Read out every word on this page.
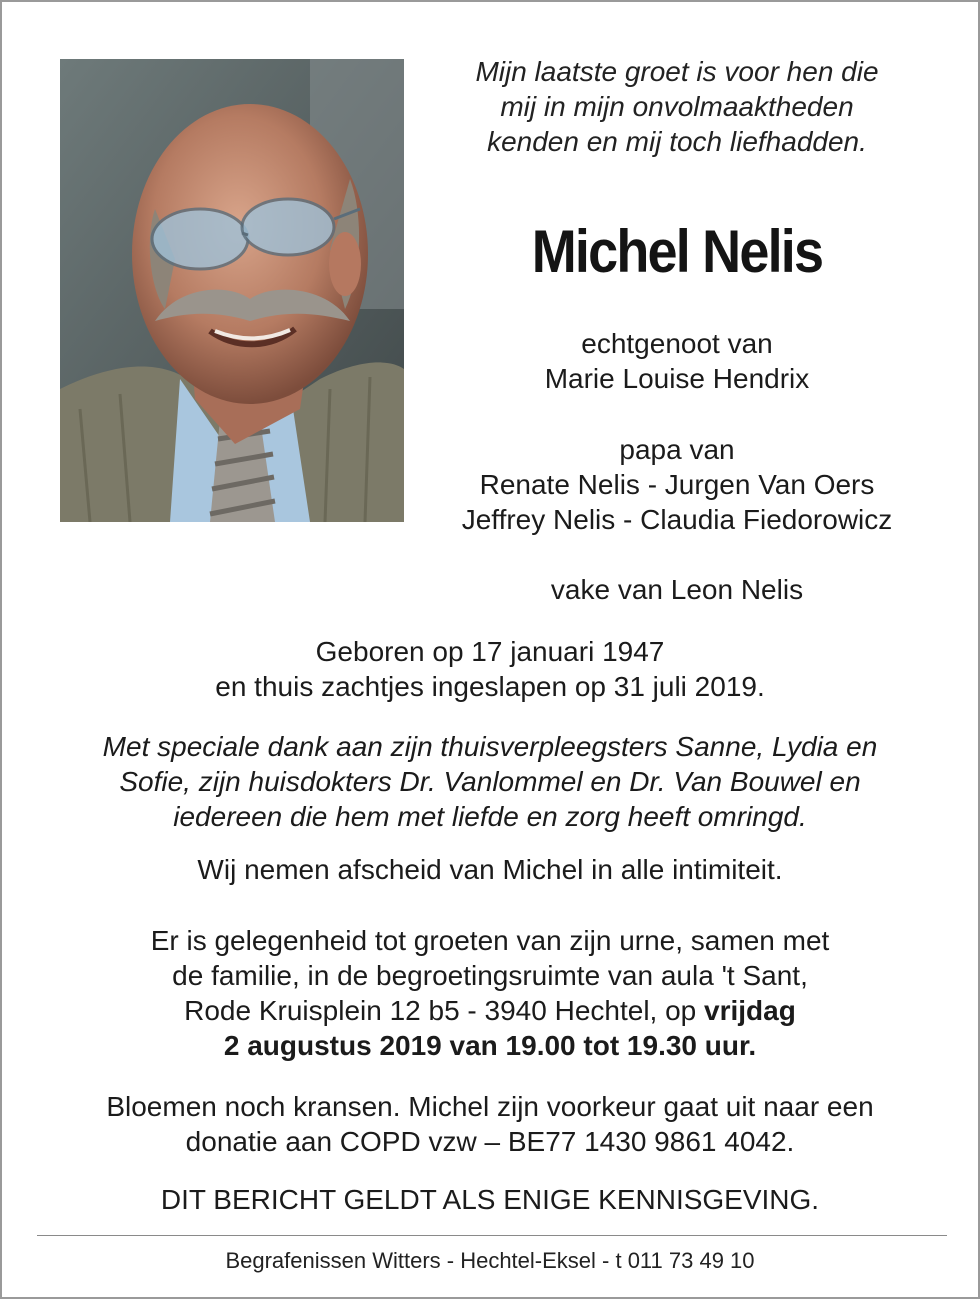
Mijn laatste groet is voor hen die
mij in mijn onvolmaaktheden
kenden en mij toch liefhadden.
Michel Nelis
echtgenoot van
Marie Louise Hendrix
papa van
Renate Nelis - Jurgen Van Oers
Jeffrey Nelis - Claudia Fiedorowicz
vake van Leon Nelis
Geboren op 17 januari 1947
en thuis zachtjes ingeslapen op 31 juli 2019.
Met speciale dank aan zijn thuisverpleegsters Sanne, Lydia en
Sofie, zijn huisdokters Dr. Vanlommel en Dr. Van Bouwel en
iedereen die hem met liefde en zorg heeft omringd.
Wij nemen afscheid van Michel in alle intimiteit.
Er is gelegenheid tot groeten van zijn urne, samen met
de familie, in de begroetingsruimte van aula 't Sant,
Rode Kruisplein 12 b5 - 3940 Hechtel, op vrijdag
2 augustus 2019 van 19.00 tot 19.30 uur.
Bloemen noch kransen. Michel zijn voorkeur gaat uit naar een
donatie aan COPD vzw – BE77 1430 9861 4042.
DIT BERICHT GELDT ALS ENIGE KENNISGEVING.
Begrafenissen Witters - Hechtel-Eksel - t 011 73 49 10
